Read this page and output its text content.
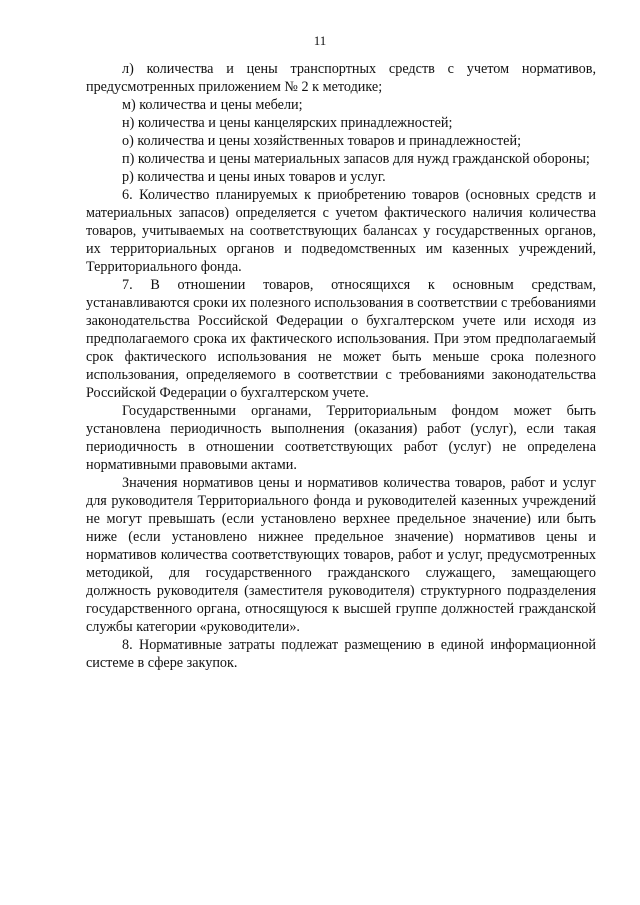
11

л) количества и цены транспортных средств с учетом нормативов, предусмотренных приложением № 2 к методике;

м) количества и цены мебели;

н) количества и цены канцелярских принадлежностей;

о) количества и цены хозяйственных товаров и принадлежностей;

п) количества и цены материальных запасов для нужд гражданской обороны;

р) количества и цены иных товаров и услуг.

6. Количество планируемых к приобретению товаров (основных средств и материальных запасов) определяется с учетом фактического наличия количества товаров, учитываемых на соответствующих балансах у государственных органов, их территориальных органов и подведомственных им казенных учреждений, Территориального фонда.

7. В отношении товаров, относящихся к основным средствам, устанавливаются сроки их полезного использования в соответствии с требованиями законодательства Российской Федерации о бухгалтерском учете или исходя из предполагаемого срока их фактического использования. При этом предполагаемый срок фактического использования не может быть меньше срока полезного использования, определяемого в соответствии с требованиями законодательства Российской Федерации о бухгалтерском учете.

Государственными органами, Территориальным фондом может быть установлена периодичность выполнения (оказания) работ (услуг), если такая периодичность в отношении соответствующих работ (услуг) не определена нормативными правовыми актами.

Значения нормативов цены и нормативов количества товаров, работ и услуг для руководителя Территориального фонда и руководителей казенных учреждений не могут превышать (если установлено верхнее предельное значение) или быть ниже (если установлено нижнее предельное значение) нормативов цены и нормативов количества соответствующих товаров, работ и услуг, предусмотренных методикой, для государственного гражданского служащего, замещающего должность руководителя (заместителя руководителя) структурного подразделения государственного органа, относящуюся к высшей группе должностей гражданской службы категории «руководители».

8. Нормативные затраты подлежат размещению в единой информационной системе в сфере закупок.
